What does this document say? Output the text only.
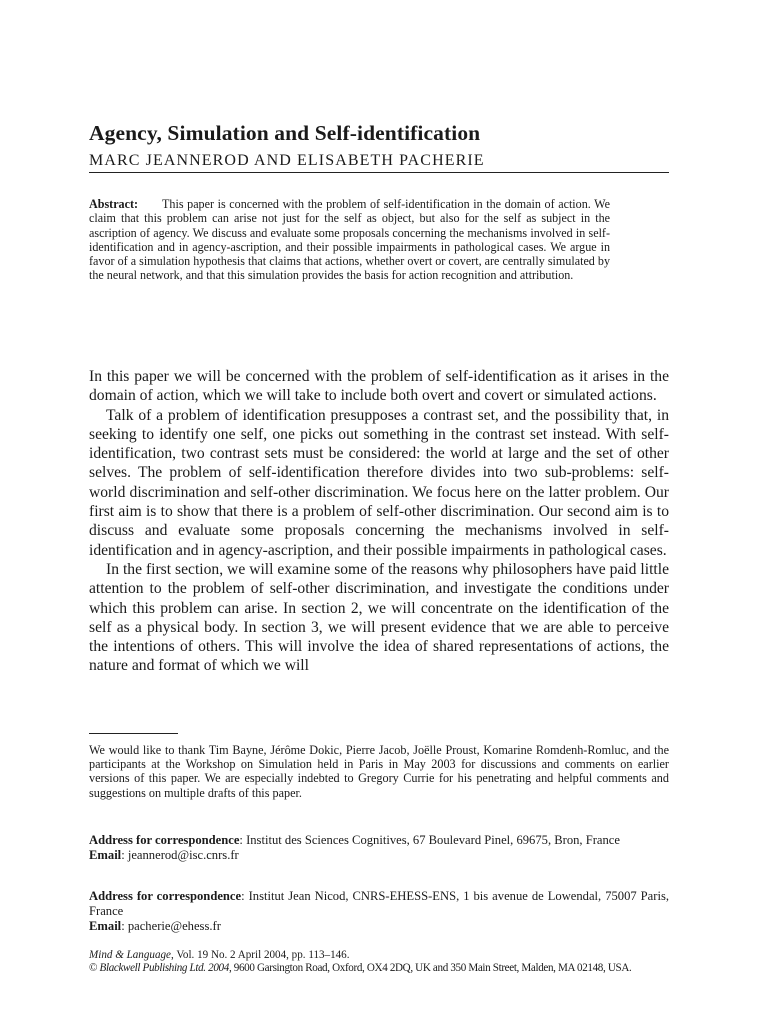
Agency, Simulation and Self-identification
MARC JEANNEROD AND ELISABETH PACHERIE
Abstract: This paper is concerned with the problem of self-identification in the domain of action. We claim that this problem can arise not just for the self as object, but also for the self as subject in the ascription of agency. We discuss and evaluate some proposals concerning the mechanisms involved in self-identification and in agency-ascription, and their possible impairments in pathological cases. We argue in favor of a simulation hypothesis that claims that actions, whether overt or covert, are centrally simulated by the neural network, and that this simulation provides the basis for action recognition and attribution.

In this paper we will be concerned with the problem of self-identification as it arises in the domain of action, which we will take to include both overt and covert or simulated actions.

Talk of a problem of identification presupposes a contrast set, and the possibility that, in seeking to identify one self, one picks out something in the contrast set instead. With self-identification, two contrast sets must be considered: the world at large and the set of other selves. The problem of self-identification therefore divides into two sub-problems: self-world discrimination and self-other discrimination. We focus here on the latter problem. Our first aim is to show that there is a problem of self-other discrimination. Our second aim is to discuss and evaluate some proposals concerning the mechanisms involved in self-identification and in agency-ascription, and their possible impairments in pathological cases.

In the first section, we will examine some of the reasons why philosophers have paid little attention to the problem of self-other discrimination, and investigate the conditions under which this problem can arise. In section 2, we will concentrate on the identification of the self as a physical body. In section 3, we will present evidence that we are able to perceive the intentions of others. This will involve the idea of shared representations of actions, the nature and format of which we will

We would like to thank Tim Bayne, Jérôme Dokic, Pierre Jacob, Joëlle Proust, Komarine Romdenh-Romluc, and the participants at the Workshop on Simulation held in Paris in May 2003 for discussions and comments on earlier versions of this paper. We are especially indebted to Gregory Currie for his penetrating and helpful comments and suggestions on multiple drafts of this paper.

Address for correspondence: Institut des Sciences Cognitives, 67 Boulevard Pinel, 69675, Bron, France

Email: jeannerod@isc.cnrs.fr

Address for correspondence: Institut Jean Nicod, CNRS-EHESS-ENS, 1 bis avenue de Lowendal, 75007 Paris, France

Email: pacherie@ehess.fr

Mind & Language, Vol. 19 No. 2 April 2004, pp. 113–146.

© Blackwell Publishing Ltd. 2004, 9600 Garsington Road, Oxford, OX4 2DQ, UK and 350 Main Street, Malden, MA 02148, USA.
